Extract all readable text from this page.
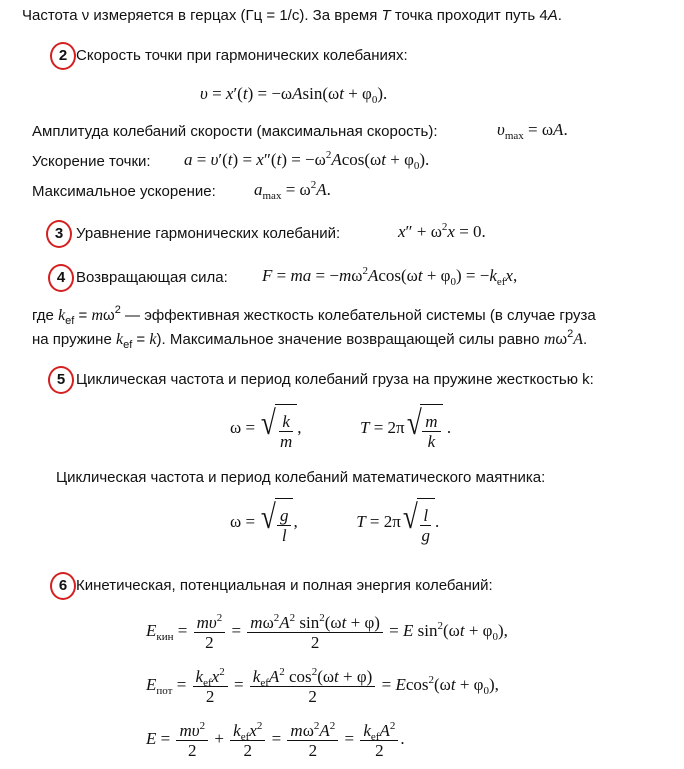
Частота ν измеряется в герцах (Гц = 1/с). За время T точка проходит путь 4A.
2 Скорость точки при гармонических колебаниях:
$\upsilon = x'(t) = -\omega Asin(\omega t + \varphi_0)$.
Амплитуда колебаний скорости (максимальная скорость):	$\upsilon_{max} = \omega A$.
Ускорение точки: $a = \upsilon'(t) = x''(t) = -\omega^2Acos(\omega t + \varphi_0)$.
Максимальное ускорение: $a_{max} = \omega^2A$.
3 Уравнение гармонических колебаний:	$x'' + \omega^2x = 0$.
4 Возвращающая сила: F = ma = $-m\omega^2Acos(\omega t + \varphi_0) = -k_{ef}x$,
где $k_{ef} = m\omega^2$ — эффективная жесткость колебательной системы (в случае груза
на пружине $k_{ef} = k$). Максимальное значение возвращающей силы равно $m\omega^2A$.
5 Циклическая частота и период колебаний груза на пружине жесткостью k:
ω = √ $\frac{k}{m}$ ,	T = 2π √ $\frac{m}{k}$ .
Циклическая частота и период колебаний математического маятника:
ω = √ $\frac{g}{l}$ ,	T = 2π √ $\frac{l}{g}$ .
6 Кинетическая, потенциальная и полная энергия колебаний:
$E_{кин} = \frac{m\upsilon^2}{2} = \frac{m\omega^2A^2 \sin^2(\omega t + \varphi)}{2} = E$ $\sin^2(\omega t + \varphi_0)$,
$E_{пот} = \frac{k_{ef}x^2}{2} = \frac{k_{ef}A^2 \cos^2(\omega t + \varphi)}{2} = Ecos^2(\omega t + \varphi_0)$,
$E = \frac{m\upsilon^2}{2} + \frac{k_{ef}x^2}{2} = \frac{m\omega^2A^2}{2} = \frac{k_{ef}A^2}{2}$ .
